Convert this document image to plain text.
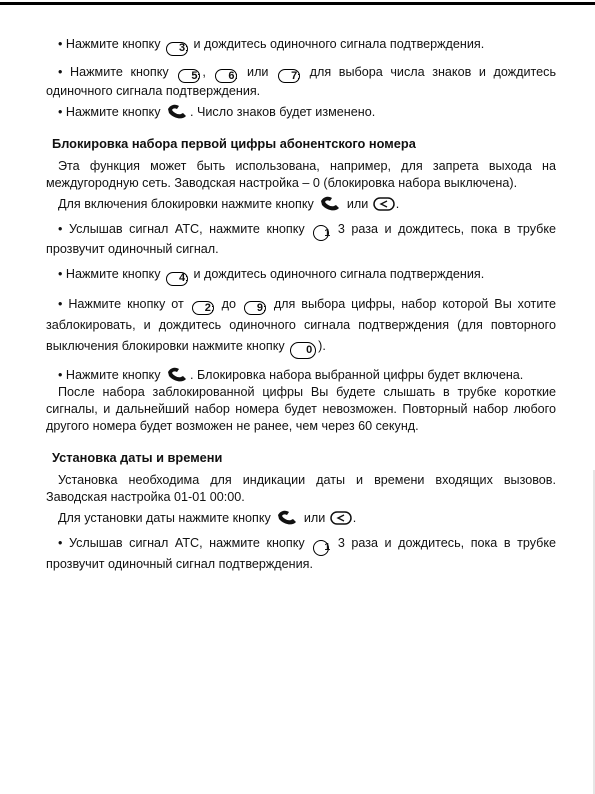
• Нажмите кнопку	3 и дождитесь одиночного сигнала подтверждения.

• Нажмите кнопку	5 ,	6 или	7 для выбора числа знаков и дождитесь одиночного сигнала подтверждения.

• Нажмите кнопку . Число знаков будет изменено.

Блокировка набора первой цифры абонентского номера

Эта функция может быть использована, например, для запрета выхода на междугородную сеть. Заводская настройка – 0 (блокировка набора выключена).

Для включения блокировки нажмите кнопку	или .

• Услышав сигнал АТС, нажмите кнопку	1 3 раза и дождитесь, пока в трубке прозвучит одиночный сигнал.

• Нажмите кнопку	4 и дождитесь одиночного сигнала подтверждения.

• Нажмите кнопку от	2 до	9 для выбора цифры, набор которой Вы хотите заблокировать, и дождитесь одиночного сигнала подтверждения (для повторного выключения блокировки нажмите кнопку	0 ).

• Нажмите кнопку . Блокировка набора выбранной цифры будет включена.

После набора заблокированной цифры Вы будете слышать в трубке короткие сигналы, и дальнейший набор номера будет невозможен. Повторный набор любого другого номера будет возможен не ранее, чем через 60 секунд.

Установка даты и времени

Установка необходима для индикации даты и времени входящих вызовов. Заводская настройка 01-01 00:00.

Для установки даты нажмите кнопку	или .

• Услышав сигнал АТС, нажмите кнопку	1 3 раза и дождитесь, пока в трубке прозвучит одиночный сигнал подтверждения.
